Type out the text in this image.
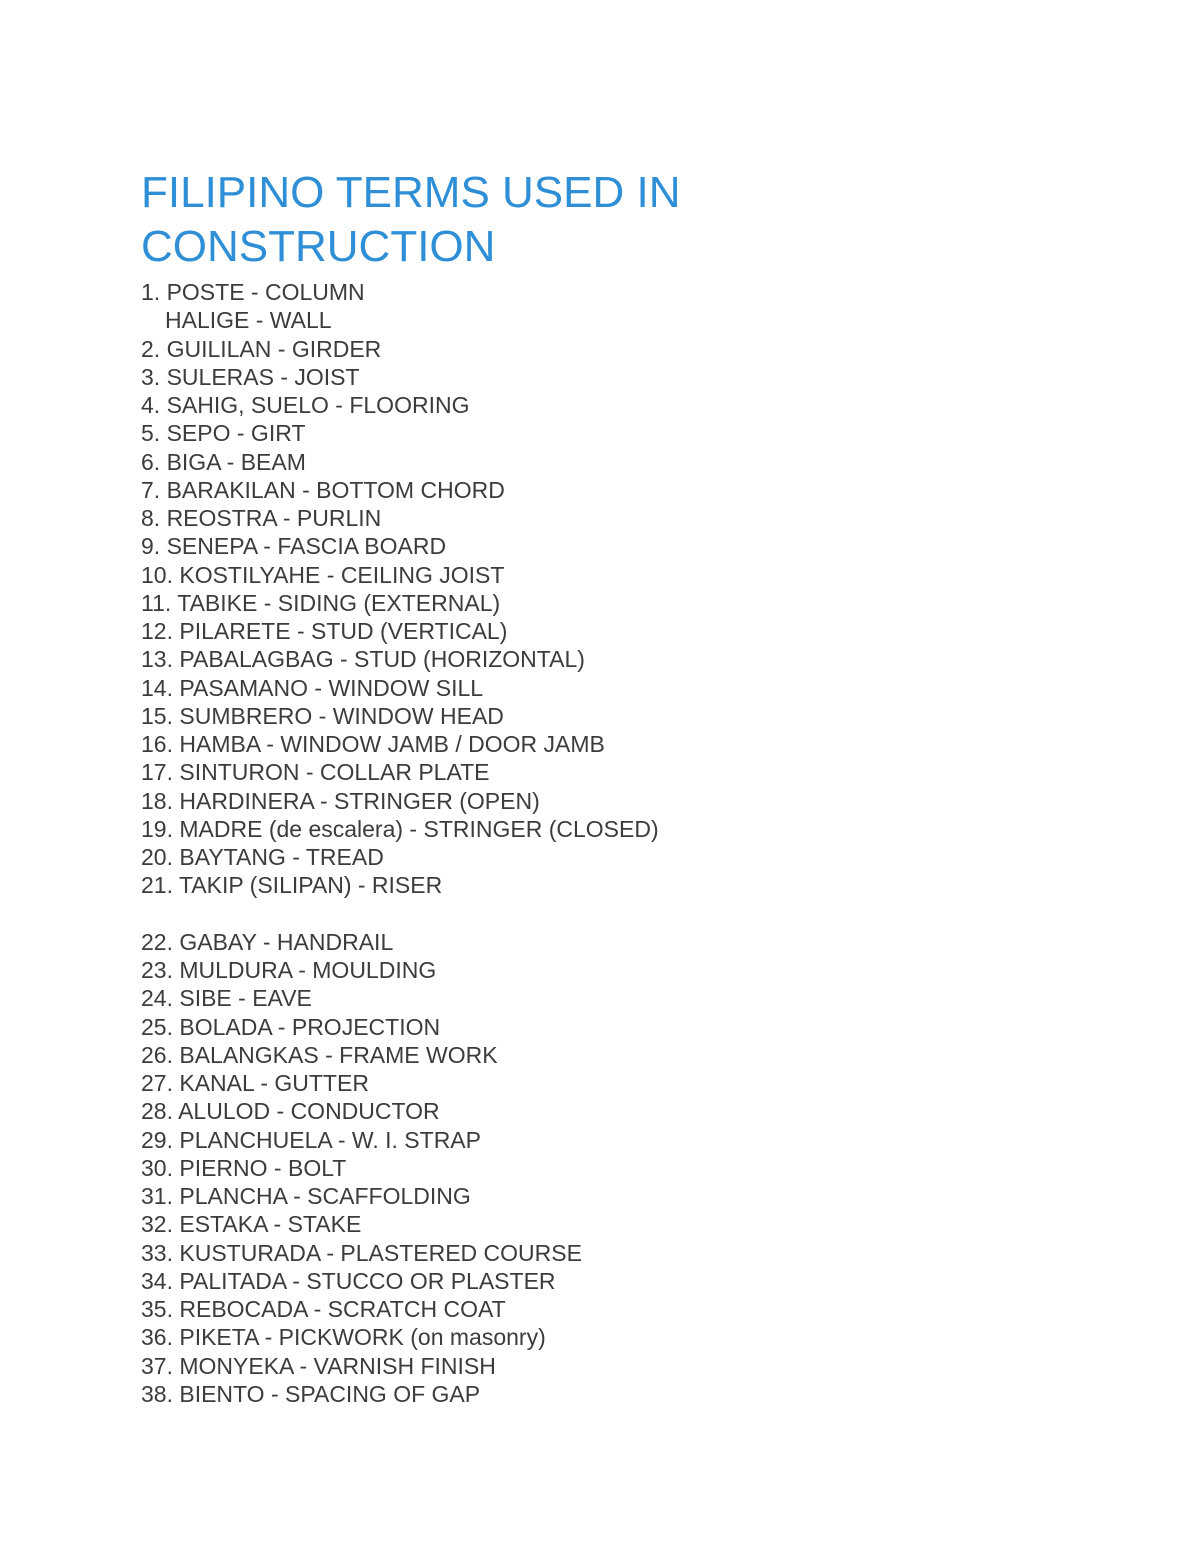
FILIPINO TERMS USED IN
CONSTRUCTION
1. POSTE - COLUMN
HALIGE - WALL
2. GUILILAN - GIRDER
3. SULERAS - JOIST
4. SAHIG, SUELO - FLOORING
5. SEPO - GIRT
6. BIGA - BEAM
7. BARAKILAN - BOTTOM CHORD
8. REOSTRA - PURLIN
9. SENEPA - FASCIA BOARD
10. KOSTILYAHE - CEILING JOIST
11. TABIKE - SIDING (EXTERNAL)
12. PILARETE - STUD (VERTICAL)
13. PABALAGBAG - STUD (HORIZONTAL)
14. PASAMANO - WINDOW SILL
15. SUMBRERO - WINDOW HEAD
16. HAMBA - WINDOW JAMB / DOOR JAMB
17. SINTURON - COLLAR PLATE
18. HARDINERA - STRINGER (OPEN)
19. MADRE (de escalera) - STRINGER (CLOSED)
20. BAYTANG - TREAD
21. TAKIP (SILIPAN) - RISER
22. GABAY - HANDRAIL
23. MULDURA - MOULDING
24. SIBE - EAVE
25. BOLADA - PROJECTION
26. BALANGKAS - FRAME WORK
27. KANAL - GUTTER
28. ALULOD - CONDUCTOR
29. PLANCHUELA - W. I. STRAP
30. PIERNO - BOLT
31. PLANCHA - SCAFFOLDING
32. ESTAKA - STAKE
33. KUSTURADA - PLASTERED COURSE
34. PALITADA - STUCCO OR PLASTER
35. REBOCADA - SCRATCH COAT
36. PIKETA - PICKWORK (on masonry)
37. MONYEKA - VARNISH FINISH
38. BIENTO - SPACING OF GAP
